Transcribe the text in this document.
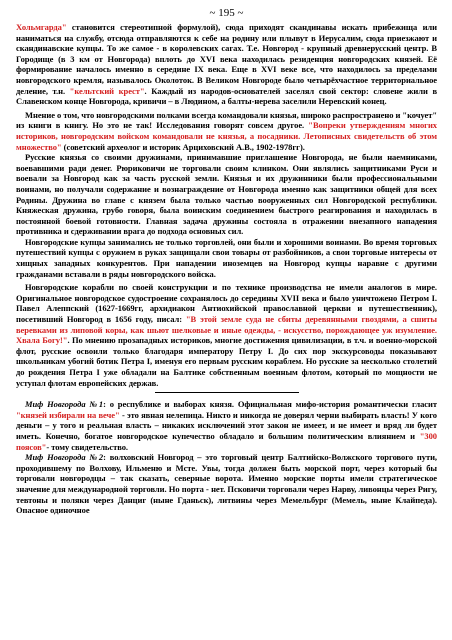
~ 195 ~

Хольмгарда" становится стереотипной формулой), сюда приходят скандинавы искать прибежища или наниматься на службу, отсюда отправляются к себе на родину или плывут в Иерусалим, сюда приезжают и скандинавские купцы. То же самое - в королевских сагах. Т.е. Новгород - крупный древнерусский центр. В Городище (в 3 км от Новгорода) вплоть до XVI века находилась резиденция новгородских князей. Её формирование началось именно в середине IX века. Еще в XVI веке все, что находилось за пределами новгородского кремля, называлось Околоток. В Великом Новгороде было четырёхчастное территориальное деление, т.н. "кельтский крест". Каждый из народов-основателей заселял свой сектор: словене жили в Славенском конце Новгорода, кривичи – в Людином, а балты-нерева заселили Неревский конец.

Мнение о том, что новгородскими полками всегда командовали князья, широко распространено и "кочует" из книги в книгу. Но это не так! Исследования говорят совсем другое. "Вопреки утверждениям многих историков, новгородским войском командовали не князья, а посадники. Летописных свидетельств об этом множество" (советский археолог и историк Арциховский А.В., 1902-1978гг).

Русские князья со своими дружинами, принимавшие приглашение Новгорода, не были наемниками, воевавшими ради денег. Рюриковичи не торговали своим клинком. Они являлись защитниками Руси и воевали за Новгород как за часть русской земли. Князья и их дружинники были профессиональными воинами, но получали содержание и вознаграждение от Новгорода именно как защитники общей для всех Родины. Дружина во главе с князем была только частью вооруженных сил Новгородской республики. Княжеская дружина, грубо говоря, была воинским соединением быстрого реагирования и находилась в постоянной боевой готовности. Главная задача дружины состояла в отражении внезапного нападения противника и сдерживании врага до подхода основных сил.

Новгородские купцы занимались не только торговлей, они были и хорошими воинами. Во время торговых путешествий купцы с оружием в руках защищали свои товары от разбойников, а свои торговые интересы от хищных западных конкурентов. При нападении иноземцев на Новгород купцы наравне с другими гражданами вставали в ряды новгородского войска.

Новгородские корабли по своей конструкции и по технике производства не имели аналогов в мире. Оригинальное новгородское судостроение сохранялось до середины XVII века и было уничтожено Петром I. Павел Алеппский (1627-1669гг, архидиакон Антиохийской православной церкви и путешественник), посетивший Новгород в 1656 году, писал: "В этой земле суда не сбиты деревянными гвоздями, а сшиты веревками из липовой коры, как шьют шелковые и иные одежды, - искусство, порождающее уж изумление. Хвала Богу!". По мнению прозападных историков, многие достижения цивилизации, в т.ч. и военно-морской флот, русские освоили только благодаря императору Петру I. До сих пор экскурсоводы показывают школьникам убогий ботик Петра I, именуя его первым русским кораблем. Но русские за несколько столетий до рождения Петра I уже обладали на Балтике собственным военным флотом, который по мощности не уступал флотам европейских держав.

Миф Новгорода №1: о республике и выборах князя. Официальная мифо-история романтически гласит "князей избирали на вече" - это явная нелепица. Никто и никогда не доверял черни выбирать власть! У кого деньги – у того и реальная власть – никаких исключений этот закон не имеет, и не имеет и вряд ли будет иметь. Конечно, богатое новгородское купечество обладало и большим политическим влиянием и "300 поясов"- тому свидетельство.

Миф Новгорода №2: волховский Новгород – это торговый центр Балтийско-Волжского торгового пути, проходившему по Волхову, Ильменю и Мсте. Увы, тогда должен быть морской порт, через который бы торговали новгородцы – так сказать, северные ворота. Именно морские порты имели стратегическое значение для международной торговли. Но порта - нет. Псковичи торговали через Нарву, ливонцы через Ригу, тевтоны и поляки через Данциг (ныне Гданьск), литвины через Мемельбург (Мемель, ныне Клайпеда). Опасное одиночное
